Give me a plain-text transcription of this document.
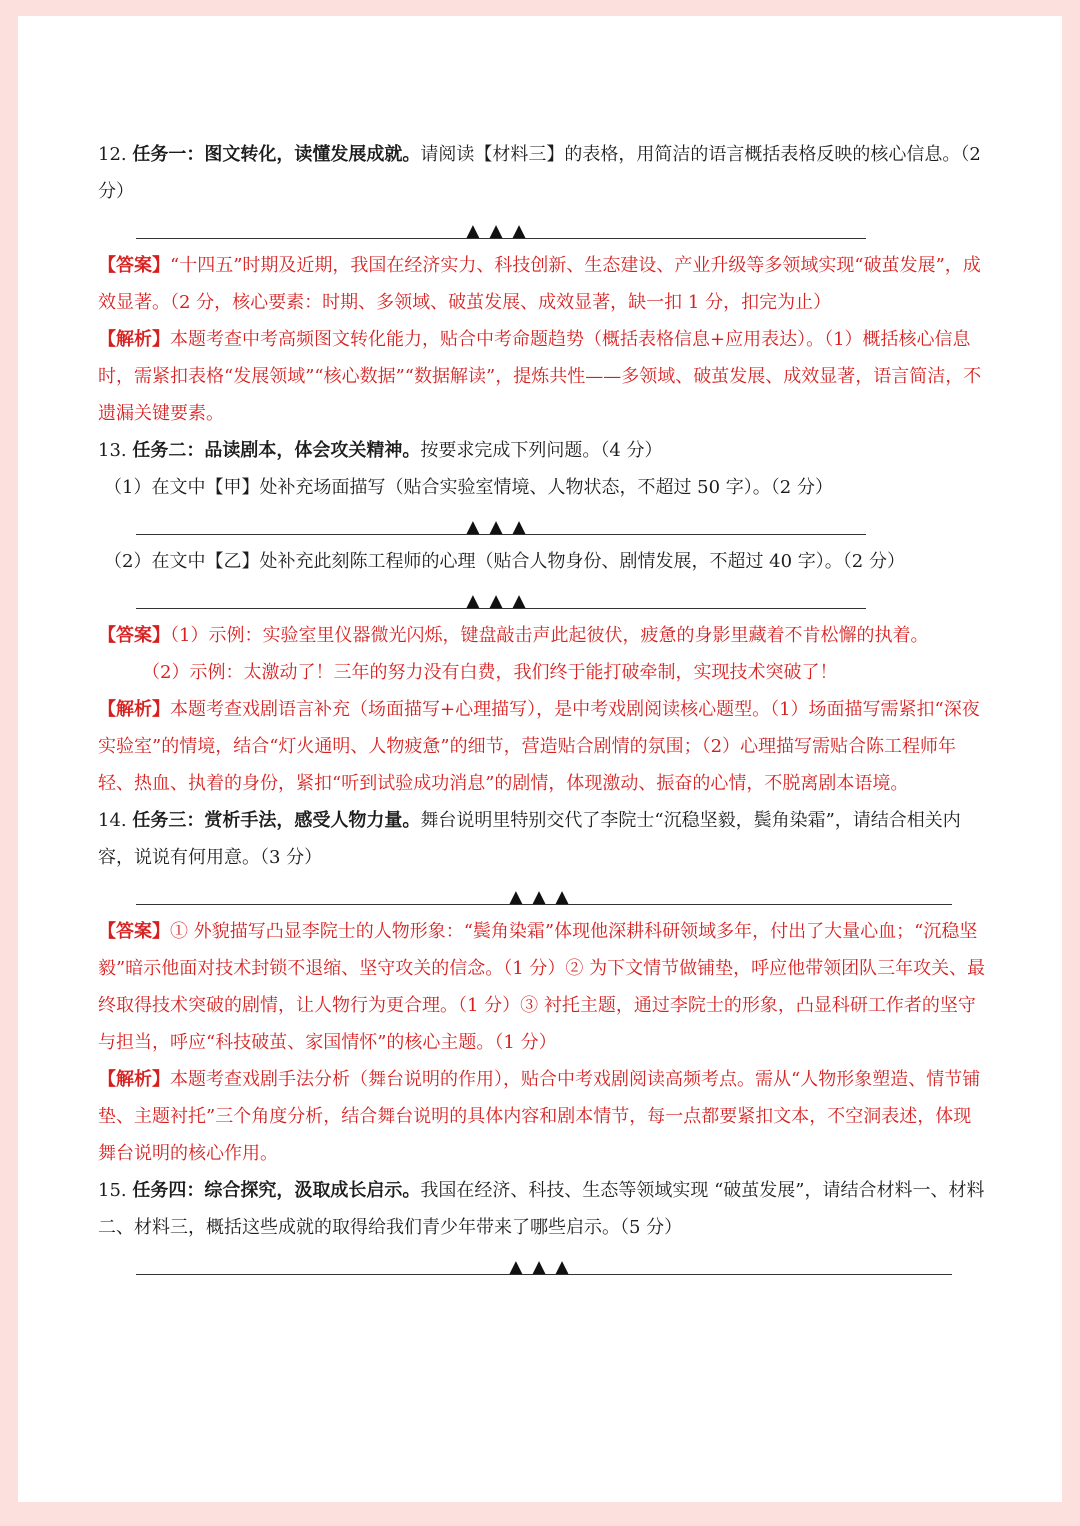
12. 任务一：图文转化，读懂发展成就。请阅读【材料三】的表格，用简洁的语言概括表格反映的核心信息。（2 分）

▲▲▲

【答案】“十四五”时期及近期，我国在经济实力、科技创新、生态建设、产业升级等多领域实现“破茧发展”，成效显著。（2 分，核心要素：时期、多领域、破茧发展、成效显著，缺一扣 1 分，扣完为止）

【解析】本题考查中考高频图文转化能力，贴合中考命题趋势（概括表格信息+应用表达）。（1）概括核心信息时，需紧扣表格“发展领域”“核心数据”“数据解读”，提炼共性——多领域、破茧发展、成效显著，语言简洁，不遗漏关键要素。

13. 任务二：品读剧本，体会攻关精神。按要求完成下列问题。（4 分）

（1）在文中【甲】处补充场面描写（贴合实验室情境、人物状态，不超过 50 字）。（2 分）

▲▲▲

（2）在文中【乙】处补充此刻陈工程师的心理（贴合人物身份、剧情发展，不超过 40 字）。（2 分）

▲▲▲

【答案】（1）示例：实验室里仪器微光闪烁，键盘敲击声此起彼伏，疲惫的身影里藏着不肯松懈的执着。

（2）示例：太激动了！三年的努力没有白费，我们终于能打破牵制，实现技术突破了！

【解析】本题考查戏剧语言补充（场面描写+心理描写），是中考戏剧阅读核心题型。（1）场面描写需紧扣“深夜实验室”的情境，结合“灯火通明、人物疲惫”的细节，营造贴合剧情的氛围；（2）心理描写需贴合陈工程师年轻、热血、执着的身份，紧扣“听到试验成功消息”的剧情，体现激动、振奋的心情，不脱离剧本语境。

14. 任务三：赏析手法，感受人物力量。舞台说明里特别交代了李院士“沉稳坚毅，鬓角染霜”，请结合相关内容，说说有何用意。（3 分）

▲▲▲

【答案】① 外貌描写凸显李院士的人物形象：“鬓角染霜”体现他深耕科研领域多年，付出了大量心血；“沉稳坚毅”暗示他面对技术封锁不退缩、坚守攻关的信念。（1 分）② 为下文情节做铺垫，呼应他带领团队三年攻关、最终取得技术突破的剧情，让人物行为更合理。（1 分）③ 衬托主题，通过李院士的形象，凸显科研工作者的坚守与担当，呼应“科技破茧、家国情怀”的核心主题。（1 分）

【解析】本题考查戏剧手法分析（舞台说明的作用），贴合中考戏剧阅读高频考点。需从“人物形象塑造、情节铺垫、主题衬托”三个角度分析，结合舞台说明的具体内容和剧本情节，每一点都要紧扣文本，不空洞表述，体现舞台说明的核心作用。

15. 任务四：综合探究，汲取成长启示。我国在经济、科技、生态等领域实现 “破茧发展”，请结合材料一、材料二、材料三，概括这些成就的取得给我们青少年带来了哪些启示。（5 分）

▲▲▲
